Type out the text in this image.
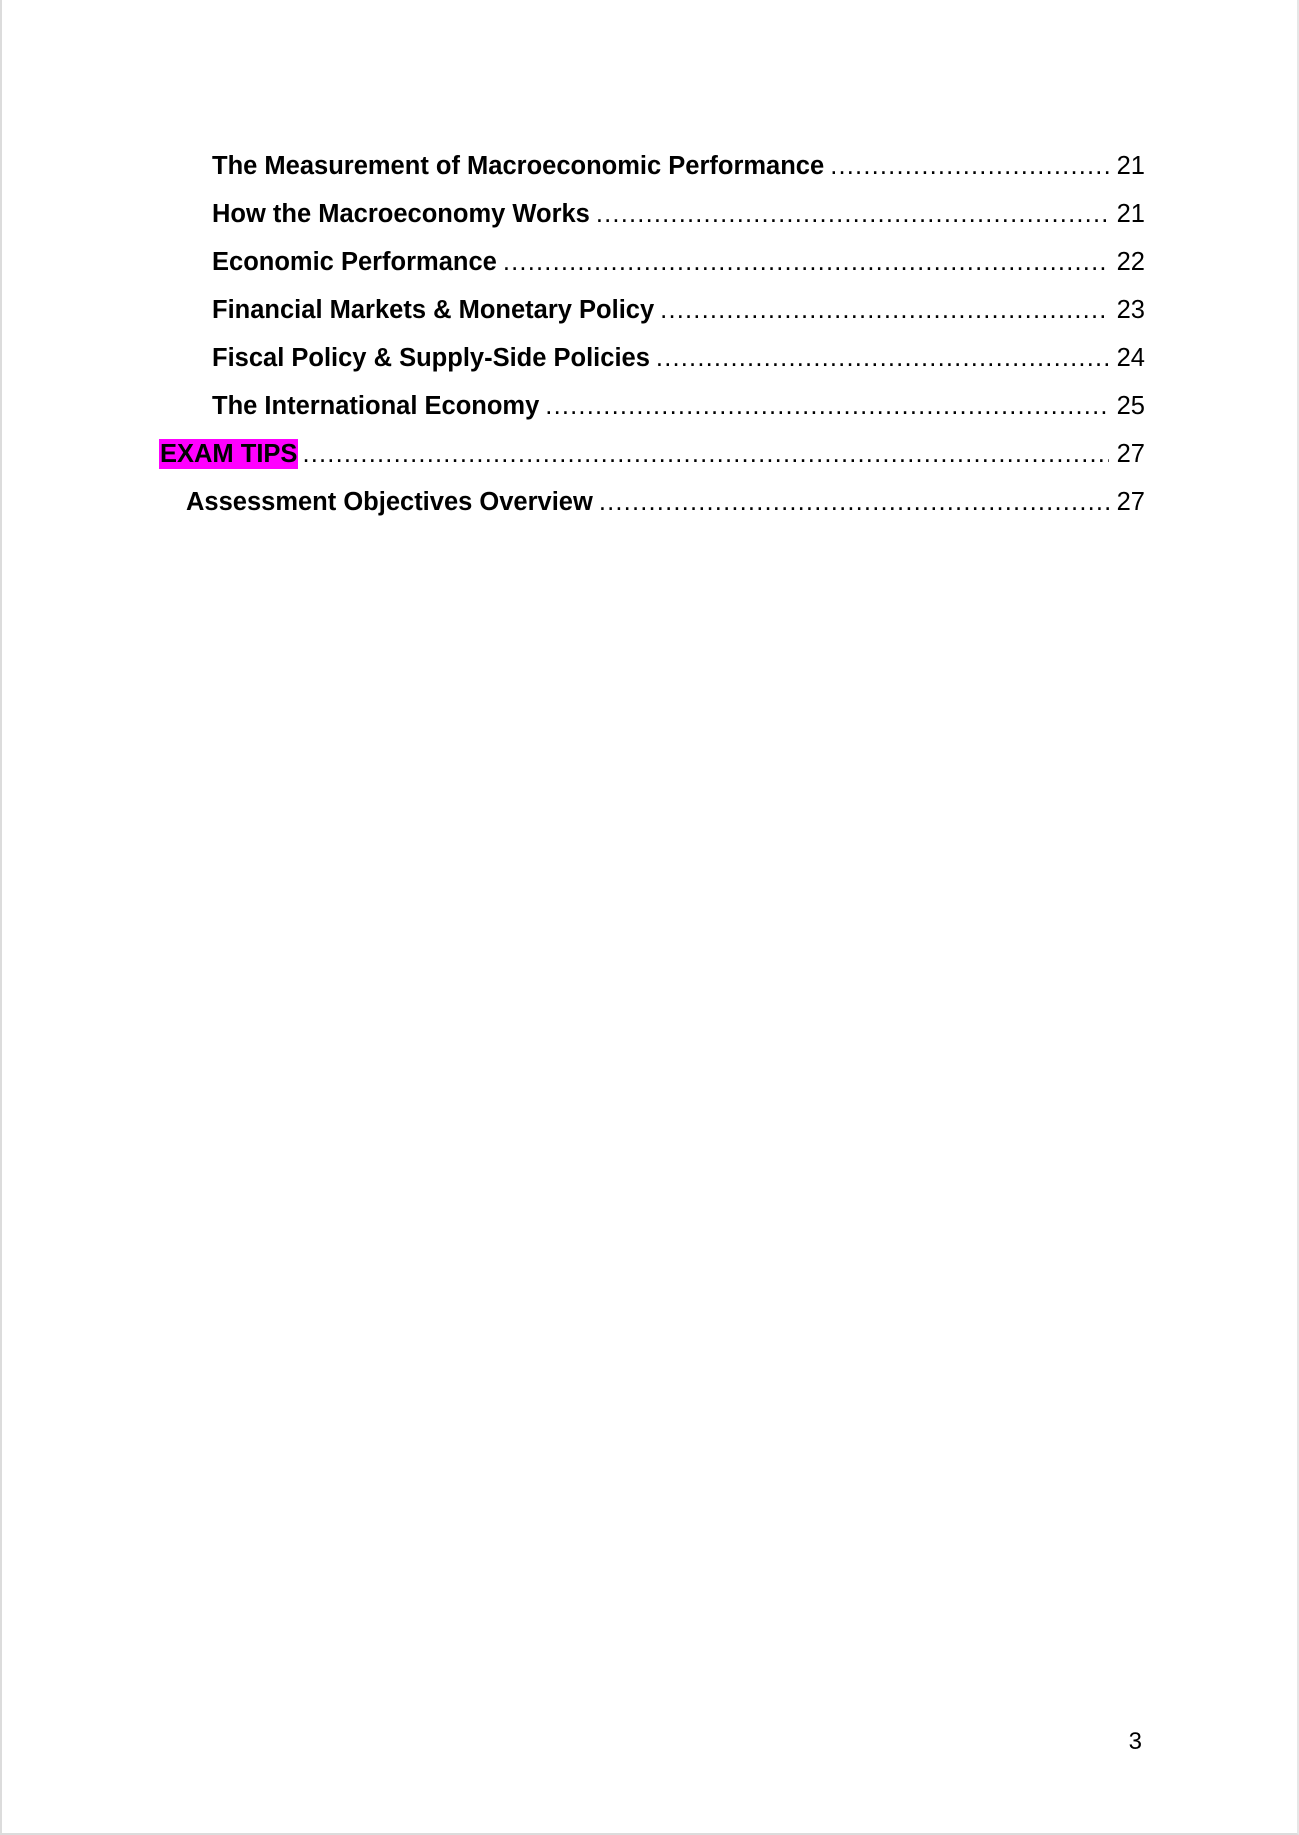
The Measurement of Macroeconomic Performance .....	21
How the Macroeconomy Works .....	21
Economic Performance .....	22
Financial Markets & Monetary Policy .....	23
Fiscal Policy & Supply-Side Policies .....	24
The International Economy .....	25
EXAM TIPS .....	27
Assessment Objectives Overview .....	27
3
